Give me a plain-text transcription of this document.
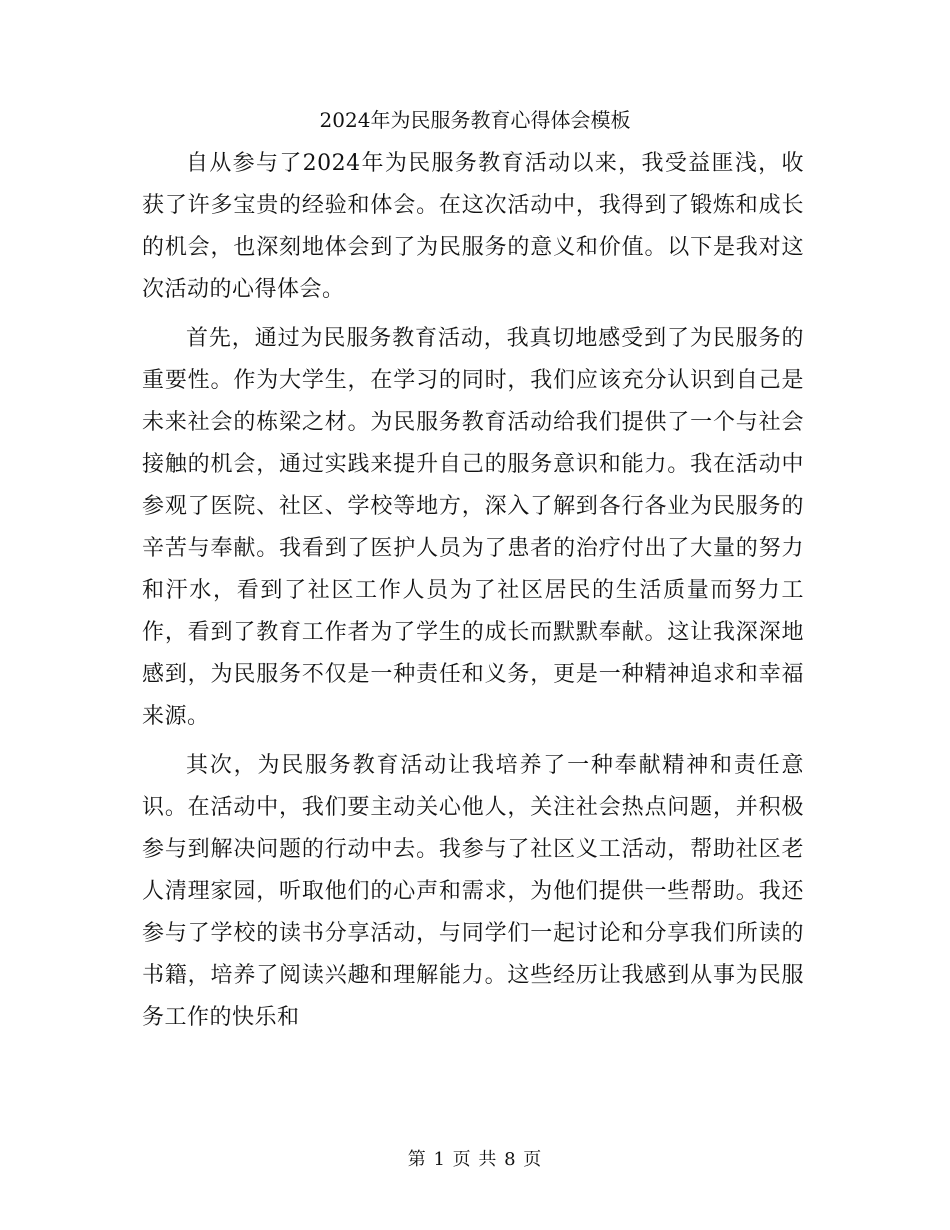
2024年为民服务教育心得体会模板

自从参与了2024年为民服务教育活动以来，我受益匪浅，收获了许多宝贵的经验和体会。在这次活动中，我得到了锻炼和成长的机会，也深刻地体会到了为民服务的意义和价值。以下是我对这次活动的心得体会。

首先，通过为民服务教育活动，我真切地感受到了为民服务的重要性。作为大学生，在学习的同时，我们应该充分认识到自己是未来社会的栋梁之材。为民服务教育活动给我们提供了一个与社会接触的机会，通过实践来提升自己的服务意识和能力。我在活动中参观了医院、社区、学校等地方，深入了解到各行各业为民服务的辛苦与奉献。我看到了医护人员为了患者的治疗付出了大量的努力和汗水，看到了社区工作人员为了社区居民的生活质量而努力工作，看到了教育工作者为了学生的成长而默默奉献。这让我深深地感到，为民服务不仅是一种责任和义务，更是一种精神追求和幸福来源。

其次，为民服务教育活动让我培养了一种奉献精神和责任意识。在活动中，我们要主动关心他人，关注社会热点问题，并积极参与到解决问题的行动中去。我参与了社区义工活动，帮助社区老人清理家园，听取他们的心声和需求，为他们提供一些帮助。我还参与了学校的读书分享活动，与同学们一起讨论和分享我们所读的书籍，培养了阅读兴趣和理解能力。这些经历让我感到从事为民服务工作的快乐和

第 1 页 共 8 页
